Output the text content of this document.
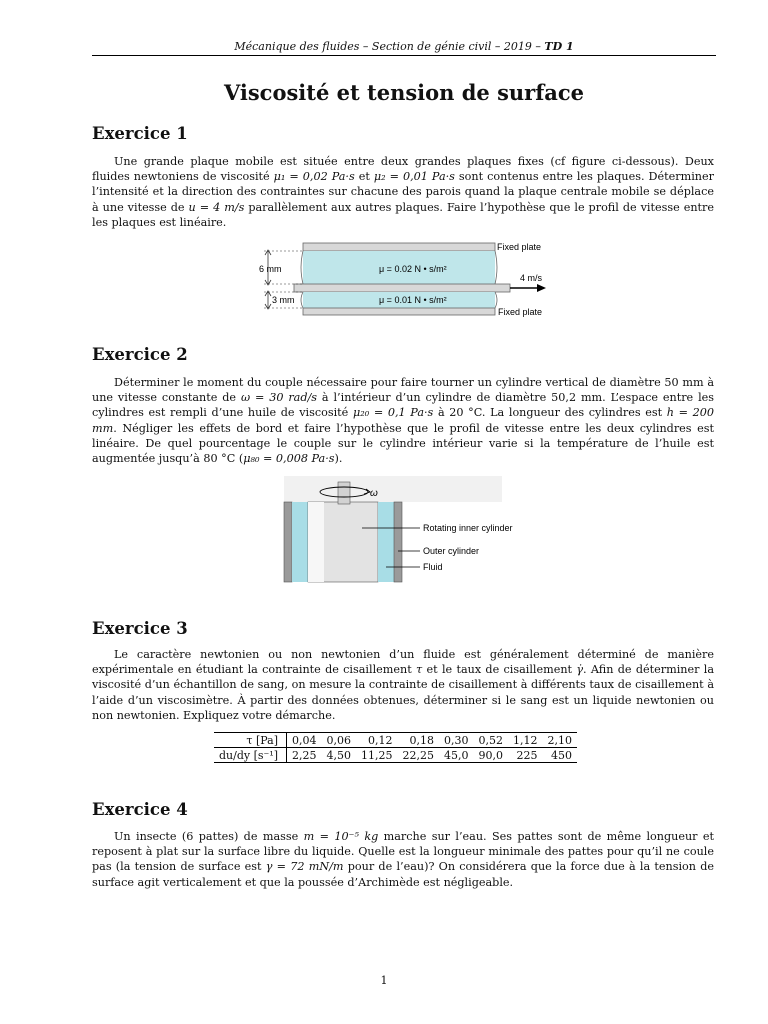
Mécanique des fluides – Section de génie civil – 2019 – TD 1
Viscosité et tension de surface
Exercice 1

Une grande plaque mobile est située entre deux grandes plaques fixes (cf figure ci-dessous). Deux fluides newtoniens de viscosité μ₁ = 0,02 Pa·s et μ₂ = 0,01 Pa·s sont contenus entre les plaques. Déterminer l’intensité et la direction des contraintes sur chacune des parois quand la plaque centrale mobile se déplace à une vitesse de u = 4 m/s parallèlement aux autres plaques. Faire l’hypothèse que le profil de vitesse entre les plaques est linéaire.

6 mm
3 mm
μ = 0.02 N • s/m²
μ = 0.01 N • s/m²
Fixed plate
Fixed plate
4 m/s
Exercice 2

Déterminer le moment du couple nécessaire pour faire tourner un cylindre vertical de diamètre 50 mm à une vitesse constante de ω = 30 rad/s à l’intérieur d’un cylindre de diamètre 50,2 mm. L’espace entre les cylindres est rempli d’une huile de viscosité μ₂₀ = 0,1 Pa·s à 20 °C. La longueur des cylindres est h = 200 mm. Négliger les effets de bord et faire l’hypothèse que le profil de vitesse entre les deux cylindres est linéaire. De quel pourcentage le couple sur le cylindre intérieur varie si la température de l’huile est augmentée jusqu’à 80 °C (μ₈₀ = 0,008 Pa·s).

ω
Rotating inner cylinder
Outer cylinder
Fluid
Exercice 3

Le caractère newtonien ou non newtonien d’un fluide est généralement déterminé de manière expérimentale en étudiant la contrainte de cisaillement τ et le taux de cisaillement γ̇. Afin de déterminer la viscosité d’un échantillon de sang, on mesure la contrainte de cisaillement à différents taux de cisaillement à l’aide d’un viscosimètre. À partir des données obtenues, déterminer si le sang est un liquide newtonien ou non newtonien. Expliquez votre démarche.

τ [Pa]	0,04	0,06	0,12	0,18	0,30	0,52	1,12	2,10
du/dy [s⁻¹]	2,25	4,50	11,25	22,25	45,0	90,0	225	450
Exercice 4

Un insecte (6 pattes) de masse m = 10⁻⁵ kg marche sur l’eau. Ses pattes sont de même longueur et reposent à plat sur la surface libre du liquide. Quelle est la longueur minimale des pattes pour qu’il ne coule pas (la tension de surface est γ = 72 mN/m pour de l’eau)? On considérera que la force due à la tension de surface agit verticalement et que la poussée d’Archimède est négligeable.

1
